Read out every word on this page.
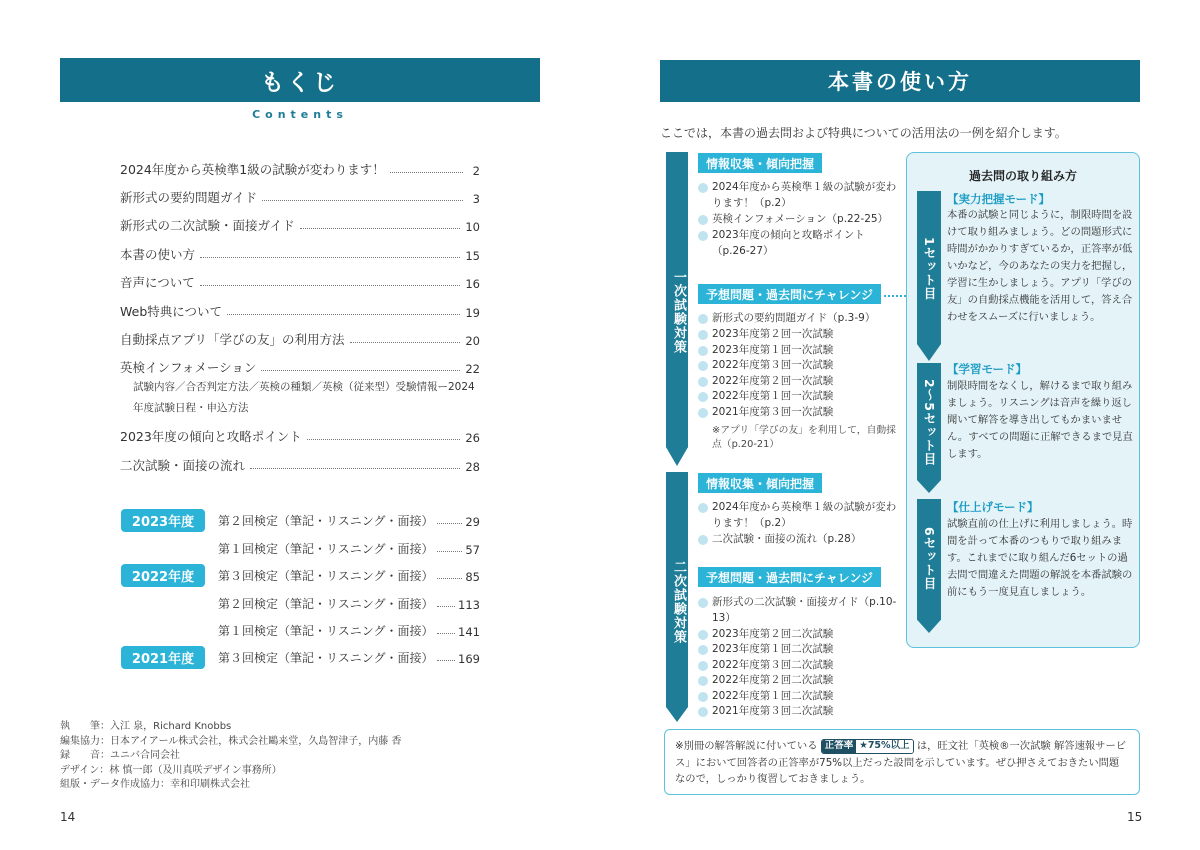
もくじ
Contents
2024年度から英検準1級の試験が変わります！	2
新形式の要約問題ガイド	3
新形式の二次試験・面接ガイド	10
本書の使い方	15
音声について	16
Web特典について	19
自動採点アプリ「学びの友」の利用方法	20
英検インフォメーション	22
試験内容／合否判定方法／英検の種類／英検（従来型）受験情報ー2024年度試験日程・申込方法
2023年度の傾向と攻略ポイント	26
二次試験・面接の流れ	28
2023年度	第２回検定（筆記・リスニング・面接）	29
第１回検定（筆記・リスニング・面接）	57
2022年度	第３回検定（筆記・リスニング・面接）	85
第２回検定（筆記・リスニング・面接） 113
第１回検定（筆記・リスニング・面接） 141
2021年度	第３回検定（筆記・リスニング・面接） 169
執　　筆：入江 泉，Richard Knobbs
編集協力：日本アイアール株式会社，株式会社鷗来堂，久島智津子，内藤 香
録　　音：ユニバ合同会社
デザイン：林 慎一郎（及川真咲デザイン事務所）
組版・データ作成協力：幸和印刷株式会社
14
本書の使い方
ここでは，本書の過去問および特典についての活用法の一例を紹介します。
一次試験対策
情報収集・傾向把握
2024年度から英検準１級の試験が変わります！（p.2）
英検インフォメーション（p.22-25）
2023年度の傾向と攻略ポイント（p.26-27）
予想問題・過去問にチャレンジ
新形式の要約問題ガイド（p.3-9）
2023年度第２回一次試験
2023年度第１回一次試験
2022年度第３回一次試験
2022年度第２回一次試験
2022年度第１回一次試験
2021年度第３回一次試験
※アプリ「学びの友」を利用して，自動採点（p.20-21）
二次試験対策
情報収集・傾向把握
2024年度から英検準１級の試験が変わります！（p.2）
二次試験・面接の流れ（p.28）
予想問題・過去問にチャレンジ
新形式の二次試験・面接ガイド（p.10-13）
2023年度第２回二次試験
2023年度第１回二次試験
2022年度第３回二次試験
2022年度第２回二次試験
2022年度第１回二次試験
2021年度第３回二次試験
過去問の取り組み方
1セット目
【実力把握モード】
本番の試験と同じように，制限時間を設けて取り組みましょう。どの問題形式に時間がかかりすぎているか，正答率が低いかなど，今のあなたの実力を把握し，学習に生かしましょう。アプリ「学びの友」の自動採点機能を活用して，答え合わせをスムーズに行いましょう。
2〜5セット目
【学習モード】
制限時間をなくし，解けるまで取り組みましょう。リスニングは音声を繰り返し聞いて解答を導き出してもかまいません。すべての問題に正解できるまで見直します。
6セット目
【仕上げモード】
試験直前の仕上げに利用しましょう。時間を計って本番のつもりで取り組みます。これまでに取り組んだ6セットの過去問で間違えた問題の解説を本番試験の前にもう一度見直しましょう。
※別冊の解答解説に付いている 正答率 ★75%以上 は，旺文社「英検®一次試験 解答速報サービス」において回答者の正答率が75%以上だった設問を示しています。ぜひ押さえておきたい問題なので，しっかり復習しておきましょう。
15
